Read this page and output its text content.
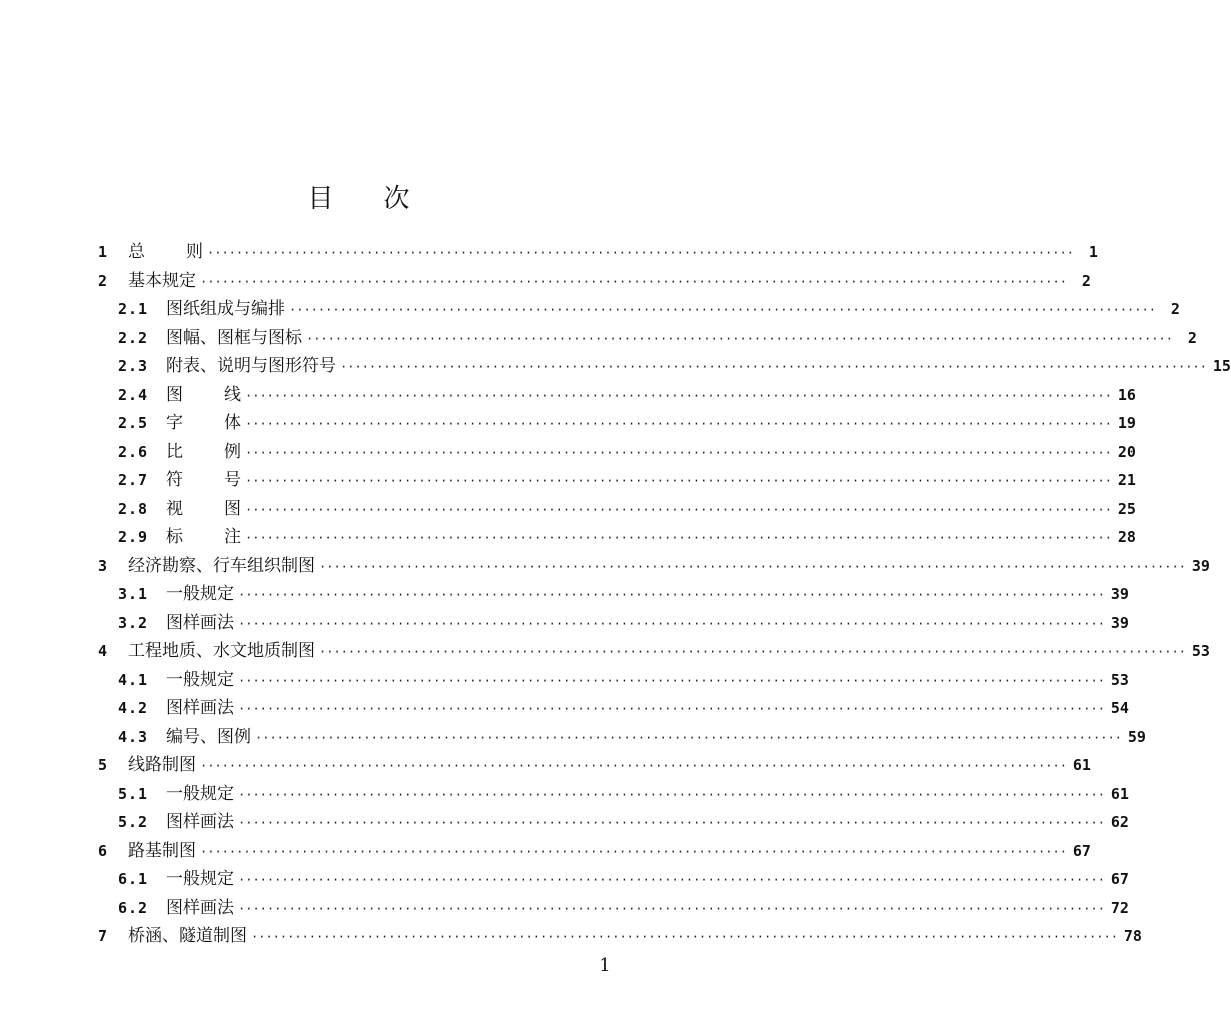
目 次
1	总 则 ························································································································ 1
2	基本规定 ························································································································ 2
2.1	图纸组成与编排 ························································································································ 2
2.2	图幅、图框与图标 ························································································································ 2
2.3	附表、说明与图形符号 ························································································································ 15
2.4	图 线 ························································································································ 16
2.5	字 体 ························································································································ 19
2.6	比 例 ························································································································ 20
2.7	符 号 ························································································································ 21
2.8	视 图 ························································································································ 25
2.9	标 注 ························································································································ 28
3	经济勘察、行车组织制图 ························································································································ 39
3.1	一般规定 ························································································································ 39
3.2	图样画法 ························································································································ 39
4	工程地质、水文地质制图 ························································································································ 53
4.1	一般规定 ························································································································ 53
4.2	图样画法 ························································································································ 54
4.3	编号、图例 ························································································································ 59
5	线路制图 ························································································································ 61
5.1	一般规定 ························································································································ 61
5.2	图样画法 ························································································································ 62
6	路基制图 ························································································································ 67
6.1	一般规定 ························································································································ 67
6.2	图样画法 ························································································································ 72
7	桥涵、隧道制图 ························································································································ 78
1
